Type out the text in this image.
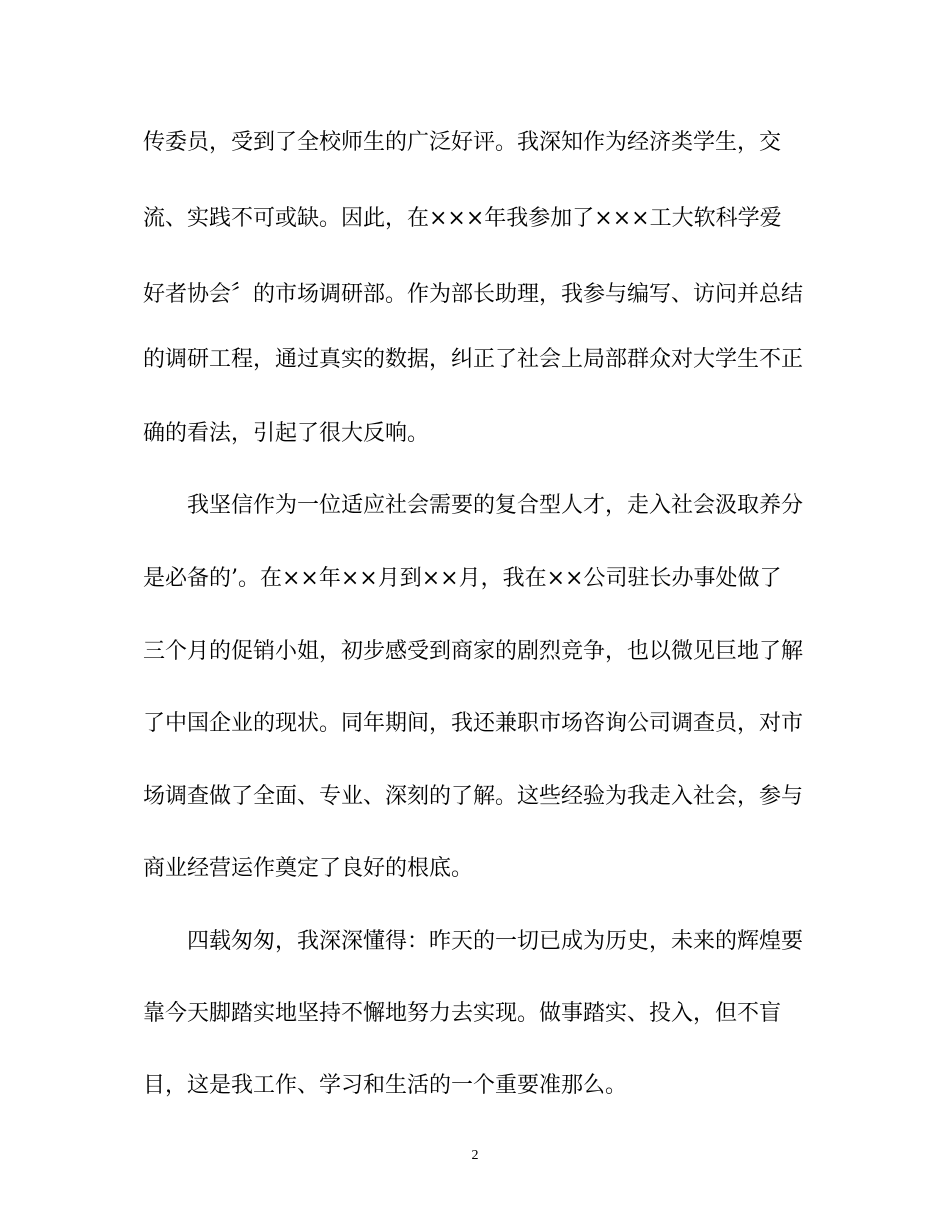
传委员，受到了全校师生的广泛好评。我深知作为经济类学生，交
流、实践不可或缺。因此，在×××年我参加了×××工大软科学爱
好者协会〞的市场调研部。作为部长助理，我参与编写、访问并总结
的调研工程，通过真实的数据，纠正了社会上局部群众对大学生不正
确的看法，引起了很大反响。
我坚信作为一位适应社会需要的复合型人才，走入社会汲取养分
是必备的’。在××年××月到××月，我在××公司驻长办事处做了
三个月的促销小姐，初步感受到商家的剧烈竞争，也以微见巨地了解
了中国企业的现状。同年期间，我还兼职市场咨询公司调查员，对市
场调查做了全面、专业、深刻的了解。这些经验为我走入社会，参与
商业经营运作奠定了良好的根底。
四载匆匆，我深深懂得：昨天的一切已成为历史，未来的辉煌要
靠今天脚踏实地坚持不懈地努力去实现。做事踏实、投入，但不盲
目，这是我工作、学习和生活的一个重要准那么。
2
